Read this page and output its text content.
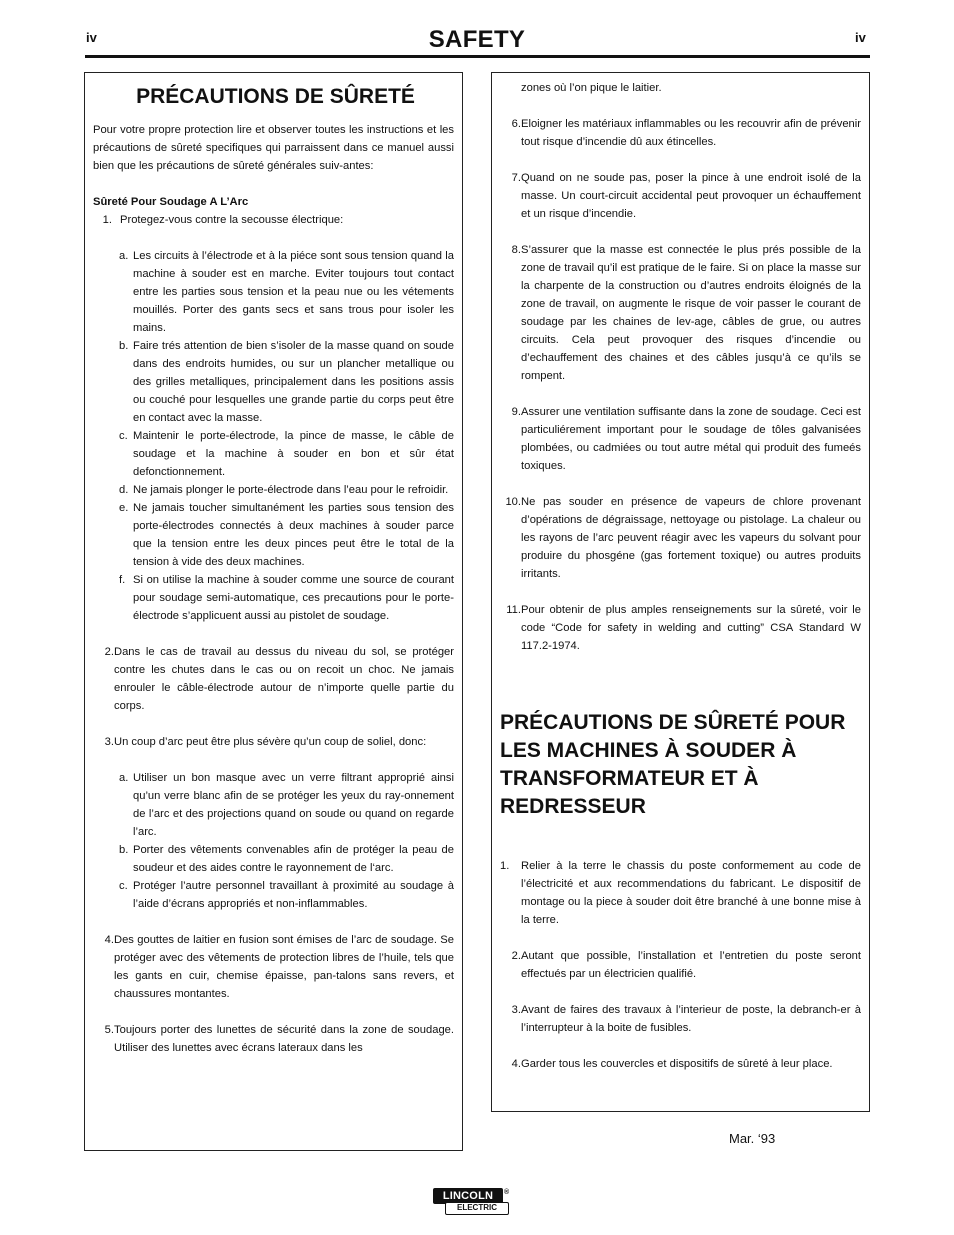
iv	SAFETY	iv
PRÉCAUTIONS DE SÛRETÉ
Pour votre propre protection lire et observer toutes les instructions et les précautions de sûreté specifiques qui parraissent dans ce manuel aussi bien que les précautions de sûreté générales suiv-antes:
Sûreté Pour Soudage A L’Arc
1. Protegez-vous contre la secousse électrique:
a. Les circuits à l’électrode et à la piéce sont sous tension quand la machine à souder est en marche. Eviter toujours tout contact entre les parties sous tension et la peau nue ou les vétements mouillés. Porter des gants secs et sans trous pour isoler les mains.
b. Faire trés attention de bien s’isoler de la masse quand on soude dans des endroits humides, ou sur un plancher metallique ou des grilles metalliques, principalement dans les positions assis ou couché pour lesquelles une grande partie du corps peut être en contact avec la masse.
c. Maintenir le porte-électrode, la pince de masse, le câble de soudage et la machine à souder en bon et sûr état defonctionnement.
d. Ne jamais plonger le porte-électrode dans l’eau pour le refroidir.
e. Ne jamais toucher simultanément les parties sous tension des porte-électrodes connectés à deux machines à souder parce que la tension entre les deux pinces peut être le total de la tension à vide des deux machines.
f. Si on utilise la machine à souder comme une source de courant pour soudage semi-automatique, ces precautions pour le porte-électrode s’applicuent aussi au pistolet de soudage.
2. Dans le cas de travail au dessus du niveau du sol, se protéger contre les chutes dans le cas ou on recoit un choc. Ne jamais enrouler le câble-électrode autour de n’importe quelle partie du corps.
3. Un coup d’arc peut être plus sévère qu’un coup de soliel, donc:
a. Utiliser un bon masque avec un verre filtrant approprié ainsi qu’un verre blanc afin de se protéger les yeux du ray-onnement de l’arc et des projections quand on soude ou quand on regarde l’arc.
b. Porter des vêtements convenables afin de protéger la peau de soudeur et des aides contre le rayonnement de l‘arc.
c. Protéger l’autre personnel travaillant à proximité au soudage à l’aide d’écrans appropriés et non-inflammables.
4. Des gouttes de laitier en fusion sont émises de l’arc de soudage. Se protéger avec des vêtements de protection libres de l’huile, tels que les gants en cuir, chemise épaisse, pan-talons sans revers, et chaussures montantes.
5. Toujours porter des lunettes de sécurité dans la zone de soudage. Utiliser des lunettes avec écrans lateraux dans les
zones où l’on pique le laitier.
6. Eloigner les matériaux inflammables ou les recouvrir afin de prévenir tout risque d’incendie dû aux étincelles.
7. Quand on ne soude pas, poser la pince à une endroit isolé de la masse. Un court-circuit accidental peut provoquer un échauffement et un risque d’incendie.
8. S’assurer que la masse est connectée le plus prés possible de la zone de travail qu’il est pratique de le faire. Si on place la masse sur la charpente de la construction ou d’autres endroits éloignés de la zone de travail, on augmente le risque de voir passer le courant de soudage par les chaines de lev-age, câbles de grue, ou autres circuits. Cela peut provoquer des risques d’incendie ou d’echauffement des chaines et des câbles jusqu’à ce qu’ils se rompent.
9. Assurer une ventilation suffisante dans la zone de soudage. Ceci est particuliérement important pour le soudage de tôles galvanisées plombées, ou cadmiées ou tout autre métal qui produit des fumeés toxiques.
10. Ne pas souder en présence de vapeurs de chlore provenant d’opérations de dégraissage, nettoyage ou pistolage. La chaleur ou les rayons de l’arc peuvent réagir avec les vapeurs du solvant pour produire du phosgéne (gas fortement toxique) ou autres produits irritants.
11. Pour obtenir de plus amples renseignements sur la sûreté, voir le code “Code for safety in welding and cutting” CSA Standard W 117.2-1974.
PRÉCAUTIONS DE SÛRETÉ POUR LES MACHINES À SOUDER À TRANSFORMATEUR ET À REDRESSEUR
1.	Relier à la terre le chassis du poste conformement au code de l’électricité et aux recommendations du fabricant. Le dispositif de montage ou la piece à souder doit être branché à une bonne mise à la terre.
2. Autant que possible, l’installation et l’entretien du poste seront effectués par un électricien qualifié.
3. Avant de faires des travaux à l’interieur de poste, la debranch-er à l’interrupteur à la boite de fusibles.
4. Garder tous les couvercles et dispositifs de sûreté à leur place.
Mar. ‘93
LINCOLN
ELECTRIC
®
